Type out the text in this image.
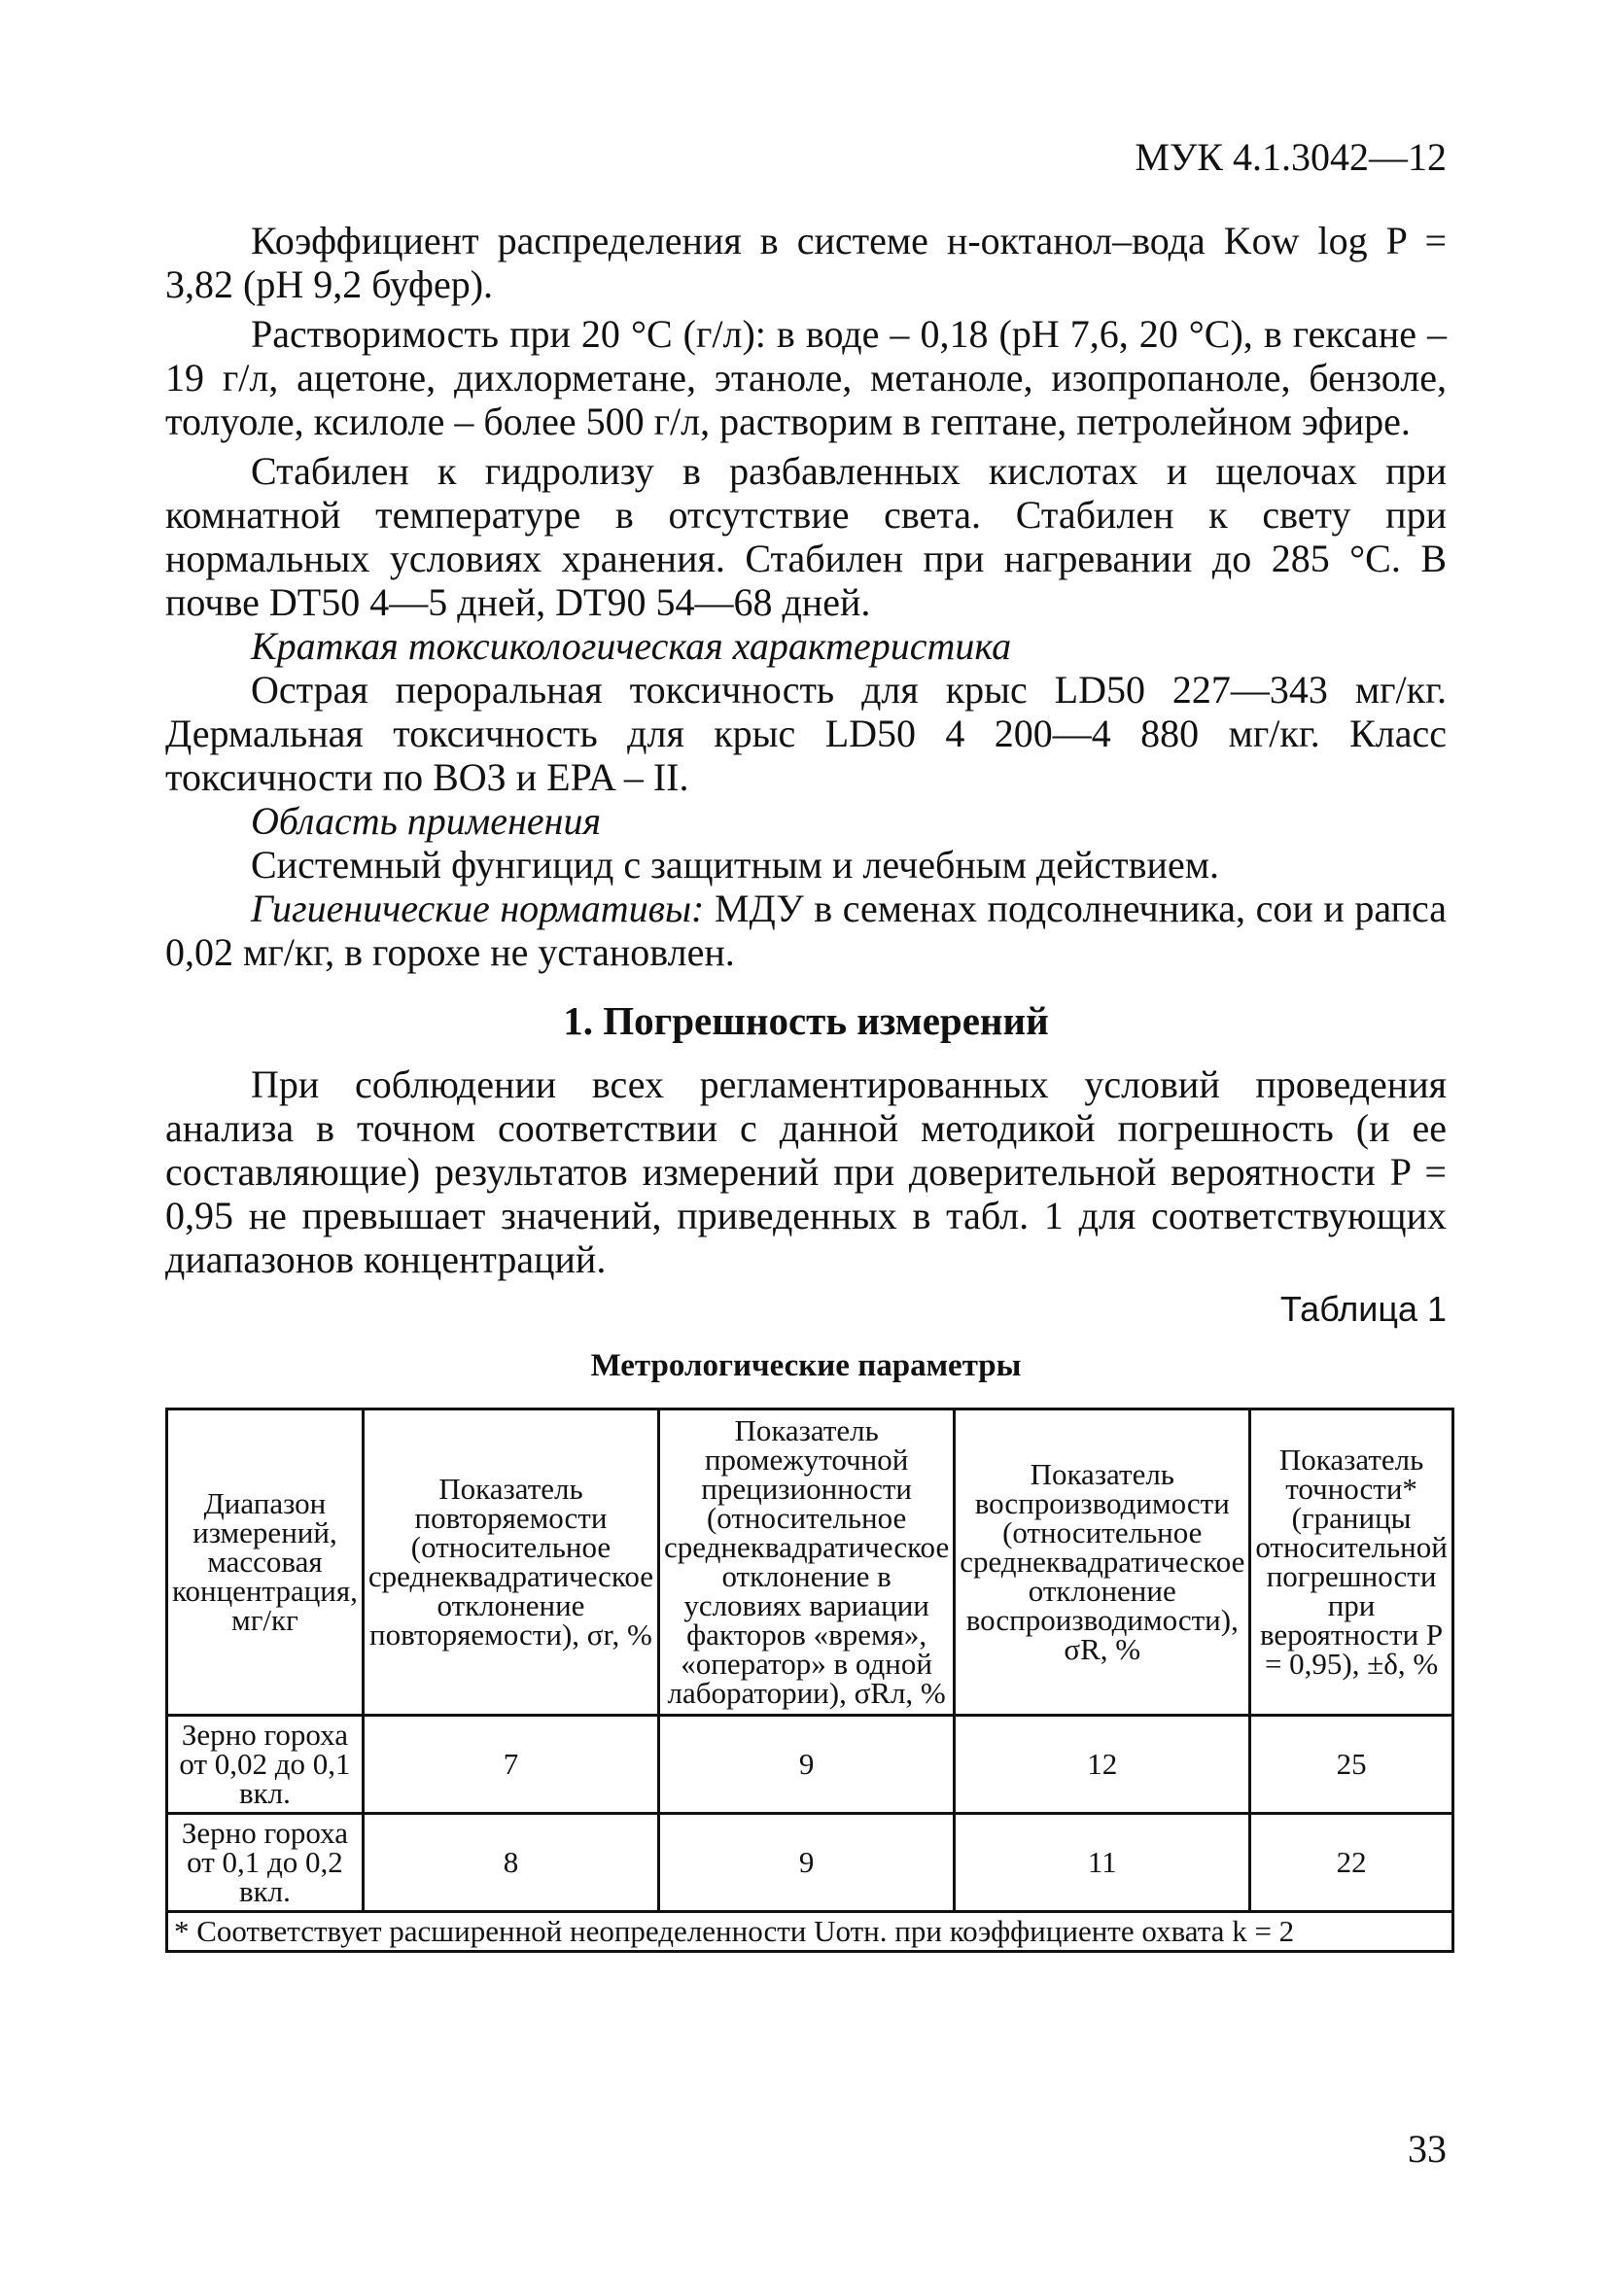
МУК 4.1.3042—12

Коэффициент распределения в системе н-октанол–вода Kow log P = 3,82 (pH 9,2 буфер).

Растворимость при 20 °С (г/л): в воде – 0,18 (рН 7,6, 20 °С), в гексане – 19 г/л, ацетоне, дихлорметане, этаноле, метаноле, изопропаноле, бензоле, толуоле, ксилоле – более 500 г/л, растворим в гептане, петролейном эфире.

Стабилен к гидролизу в разбавленных кислотах и щелочах при комнатной температуре в отсутствие света. Стабилен к свету при нормальных условиях хранения. Стабилен при нагревании до 285 °С. В почве DT50 4—5 дней, DT90 54—68 дней.

Краткая токсикологическая характеристика

Острая пероральная токсичность для крыс LD50 227—343 мг/кг. Дермальная токсичность для крыс LD50 4 200—4 880 мг/кг. Класс токсичности по ВОЗ и EPA – II.

Область применения

Системный фунгицид с защитным и лечебным действием.

Гигиенические нормативы: МДУ в семенах подсолнечника, сои и рапса 0,02 мг/кг, в горохе не установлен.

1. Погрешность измерений

При соблюдении всех регламентированных условий проведения анализа в точном соответствии с данной методикой погрешность (и ее составляющие) результатов измерений при доверительной вероятности P = 0,95 не превышает значений, приведенных в табл. 1 для соответствующих диапазонов концентраций.

Таблица 1
Метрологические параметры
Диапазон измерений, массовая концентрация, мг/кг	Показатель повторяемости (относительное среднеквадратическое отклонение повторяемости), σr, %	Показатель промежуточной прецизионности (относительное среднеквадратическое отклонение в условиях вариации факторов «время», «оператор» в одной лаборатории), σRл, %	Показатель воспроизводимости (относительное среднеквадратическое отклонение воспроизводимости), σR, %	Показатель точности* (границы относительной погрешности при вероятности P = 0,95), ±δ, %
Зерно гороха от 0,02 до 0,1 вкл.	7	9	12	25
Зерно гороха от 0,1 до 0,2 вкл.	8	9	11	22
* Соответствует расширенной неопределенности Uотн. при коэффициенте охвата k = 2				
33
